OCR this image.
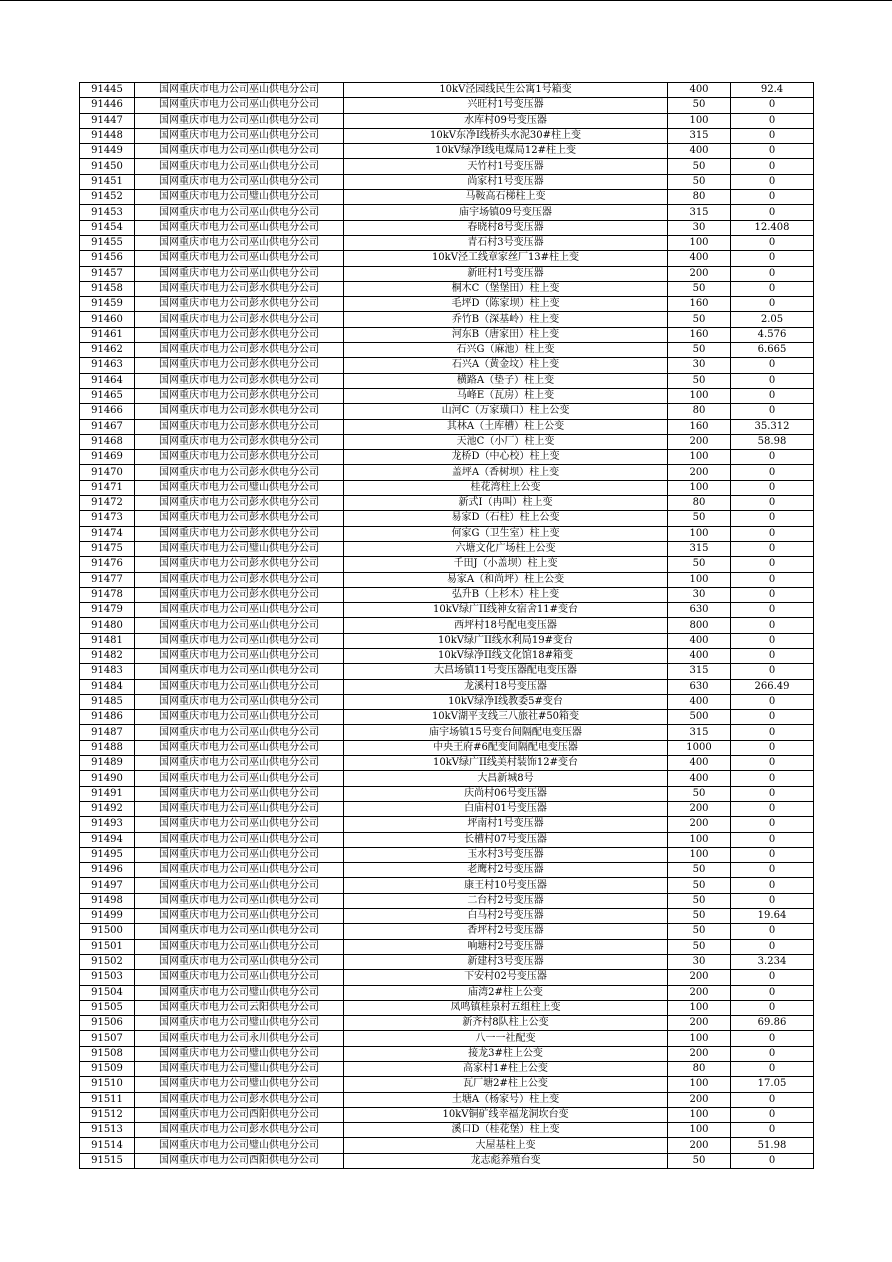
91445	国网重庆市电力公司巫山供电分公司	10kV泾园线民生公寓1号箱变	400	92.4
91446	国网重庆市电力公司巫山供电分公司	兴旺村1号变压器	50	0
91447	国网重庆市电力公司巫山供电分公司	水库村09号变压器	100	0
91448	国网重庆市电力公司巫山供电分公司	10kV东净I线桥头水泥30#柱上变	315	0
91449	国网重庆市电力公司巫山供电分公司	10kV绿净I线电煤局12#柱上变	400	0
91450	国网重庆市电力公司巫山供电分公司	天竹村1号变压器	50	0
91451	国网重庆市电力公司巫山供电分公司	尚家村1号变压器	50	0
91452	国网重庆市电力公司璧山供电分公司	马鞍高石梯柱上变	80	0
91453	国网重庆市电力公司巫山供电分公司	庙宇场镇09号变压器	315	0
91454	国网重庆市电力公司巫山供电分公司	春晓村8号变压器	30	12.408
91455	国网重庆市电力公司巫山供电分公司	青石村3号变压器	100	0
91456	国网重庆市电力公司巫山供电分公司	10kV泾工线章家丝厂13#柱上变	400	0
91457	国网重庆市电力公司巫山供电分公司	新旺村1号变压器	200	0
91458	国网重庆市电力公司彭水供电分公司	桐木C（堡堡田）柱上变	50	0
91459	国网重庆市电力公司彭水供电分公司	毛坪D（陈家坝）柱上变	160	0
91460	国网重庆市电力公司彭水供电分公司	乔竹B（深基岭）柱上变	50	2.05
91461	国网重庆市电力公司彭水供电分公司	河东B（唐家田）柱上变	160	4.576
91462	国网重庆市电力公司彭水供电分公司	石兴G（麻池）柱上变	50	6.665
91463	国网重庆市电力公司彭水供电分公司	石兴A（黄金坟）柱上变	30	0
91464	国网重庆市电力公司彭水供电分公司	横路A（垫子）柱上变	50	0
91465	国网重庆市电力公司彭水供电分公司	马峰E（瓦房）柱上变	100	0
91466	国网重庆市电力公司彭水供电分公司	山河C（万家璜口）柱上公变	80	0
91467	国网重庆市电力公司彭水供电分公司	其林A（土库槽）柱上公变	160	35.312
91468	国网重庆市电力公司彭水供电分公司	天池C（小厂）柱上变	200	58.98
91469	国网重庆市电力公司彭水供电分公司	龙桥D（中心校）柱上变	100	0
91470	国网重庆市电力公司彭水供电分公司	盖坪A（香树坝）柱上变	200	0
91471	国网重庆市电力公司璧山供电分公司	桂花湾柱上公变	100	0
91472	国网重庆市电力公司彭水供电分公司	新式I（冉叫）柱上变	80	0
91473	国网重庆市电力公司彭水供电分公司	易家D（石柱）柱上公变	50	0
91474	国网重庆市电力公司彭水供电分公司	何家G（卫生室）柱上变	100	0
91475	国网重庆市电力公司璧山供电分公司	六塘文化广场柱上公变	315	0
91476	国网重庆市电力公司彭水供电分公司	千田J（小盖坝）柱上变	50	0
91477	国网重庆市电力公司彭水供电分公司	易家A（和尚坪）柱上公变	100	0
91478	国网重庆市电力公司彭水供电分公司	弘升B（上杉木）柱上变	30	0
91479	国网重庆市电力公司巫山供电分公司	10kV绿广II线神女宿舍11#变台	630	0
91480	国网重庆市电力公司巫山供电分公司	西坪村18号配电变压器	800	0
91481	国网重庆市电力公司巫山供电分公司	10kV绿广II线水利局19#变台	400	0
91482	国网重庆市电力公司巫山供电分公司	10kV绿净II线文化馆18#箱变	400	0
91483	国网重庆市电力公司巫山供电分公司	大昌场镇11号变压器配电变压器	315	0
91484	国网重庆市电力公司巫山供电分公司	龙溪村18号变压器	630	266.49
91485	国网重庆市电力公司巫山供电分公司	10kV绿净I线教委5#变台	400	0
91486	国网重庆市电力公司巫山供电分公司	10kV湖平支线三八旅社#50箱变	500	0
91487	国网重庆市电力公司巫山供电分公司	庙宇场镇15号变台间隔配电变压器	315	0
91488	国网重庆市电力公司巫山供电分公司	中央王府#6配变间隔配电变压器	1000	0
91489	国网重庆市电力公司巫山供电分公司	10kV绿广II线美村装饰12#变台	400	0
91490	国网重庆市电力公司巫山供电分公司	大昌新城8号	400	0
91491	国网重庆市电力公司巫山供电分公司	庆尚村06号变压器	50	0
91492	国网重庆市电力公司巫山供电分公司	白庙村01号变压器	200	0
91493	国网重庆市电力公司巫山供电分公司	坪南村1号变压器	200	0
91494	国网重庆市电力公司巫山供电分公司	长槽村07号变压器	100	0
91495	国网重庆市电力公司巫山供电分公司	玉水村3号变压器	100	0
91496	国网重庆市电力公司巫山供电分公司	老鹰村2号变压器	50	0
91497	国网重庆市电力公司巫山供电分公司	康王村10号变压器	50	0
91498	国网重庆市电力公司巫山供电分公司	二台村2号变压器	50	0
91499	国网重庆市电力公司巫山供电分公司	白马村2号变压器	50	19.64
91500	国网重庆市电力公司巫山供电分公司	香坪村2号变压器	50	0
91501	国网重庆市电力公司巫山供电分公司	响塘村2号变压器	50	0
91502	国网重庆市电力公司巫山供电分公司	新建村3号变压器	30	3.234
91503	国网重庆市电力公司巫山供电分公司	下安村02号变压器	200	0
91504	国网重庆市电力公司璧山供电分公司	庙湾2#柱上公变	200	0
91505	国网重庆市电力公司云阳供电分公司	凤鸣镇桂泉村五组柱上变	100	0
91506	国网重庆市电力公司璧山供电分公司	新齐村8队柱上公变	200	69.86
91507	国网重庆市电力公司永川供电分公司	八一一社配变	100	0
91508	国网重庆市电力公司璧山供电分公司	接龙3#柱上公变	200	0
91509	国网重庆市电力公司璧山供电分公司	高家村1#柱上公变	80	0
91510	国网重庆市电力公司璧山供电分公司	瓦厂塘2#柱上公变	100	17.05
91511	国网重庆市电力公司彭水供电分公司	土塘A（杨家号）柱上变	200	0
91512	国网重庆市电力公司酉阳供电分公司	10kV铜矿线幸福龙洞坎台变	100	0
91513	国网重庆市电力公司彭水供电分公司	溪口D（桂花堡）柱上变	100	0
91514	国网重庆市电力公司璧山供电分公司	大屋基柱上变	200	51.98
91515	国网重庆市电力公司酉阳供电分公司	龙志彪养殖台变	50	0
